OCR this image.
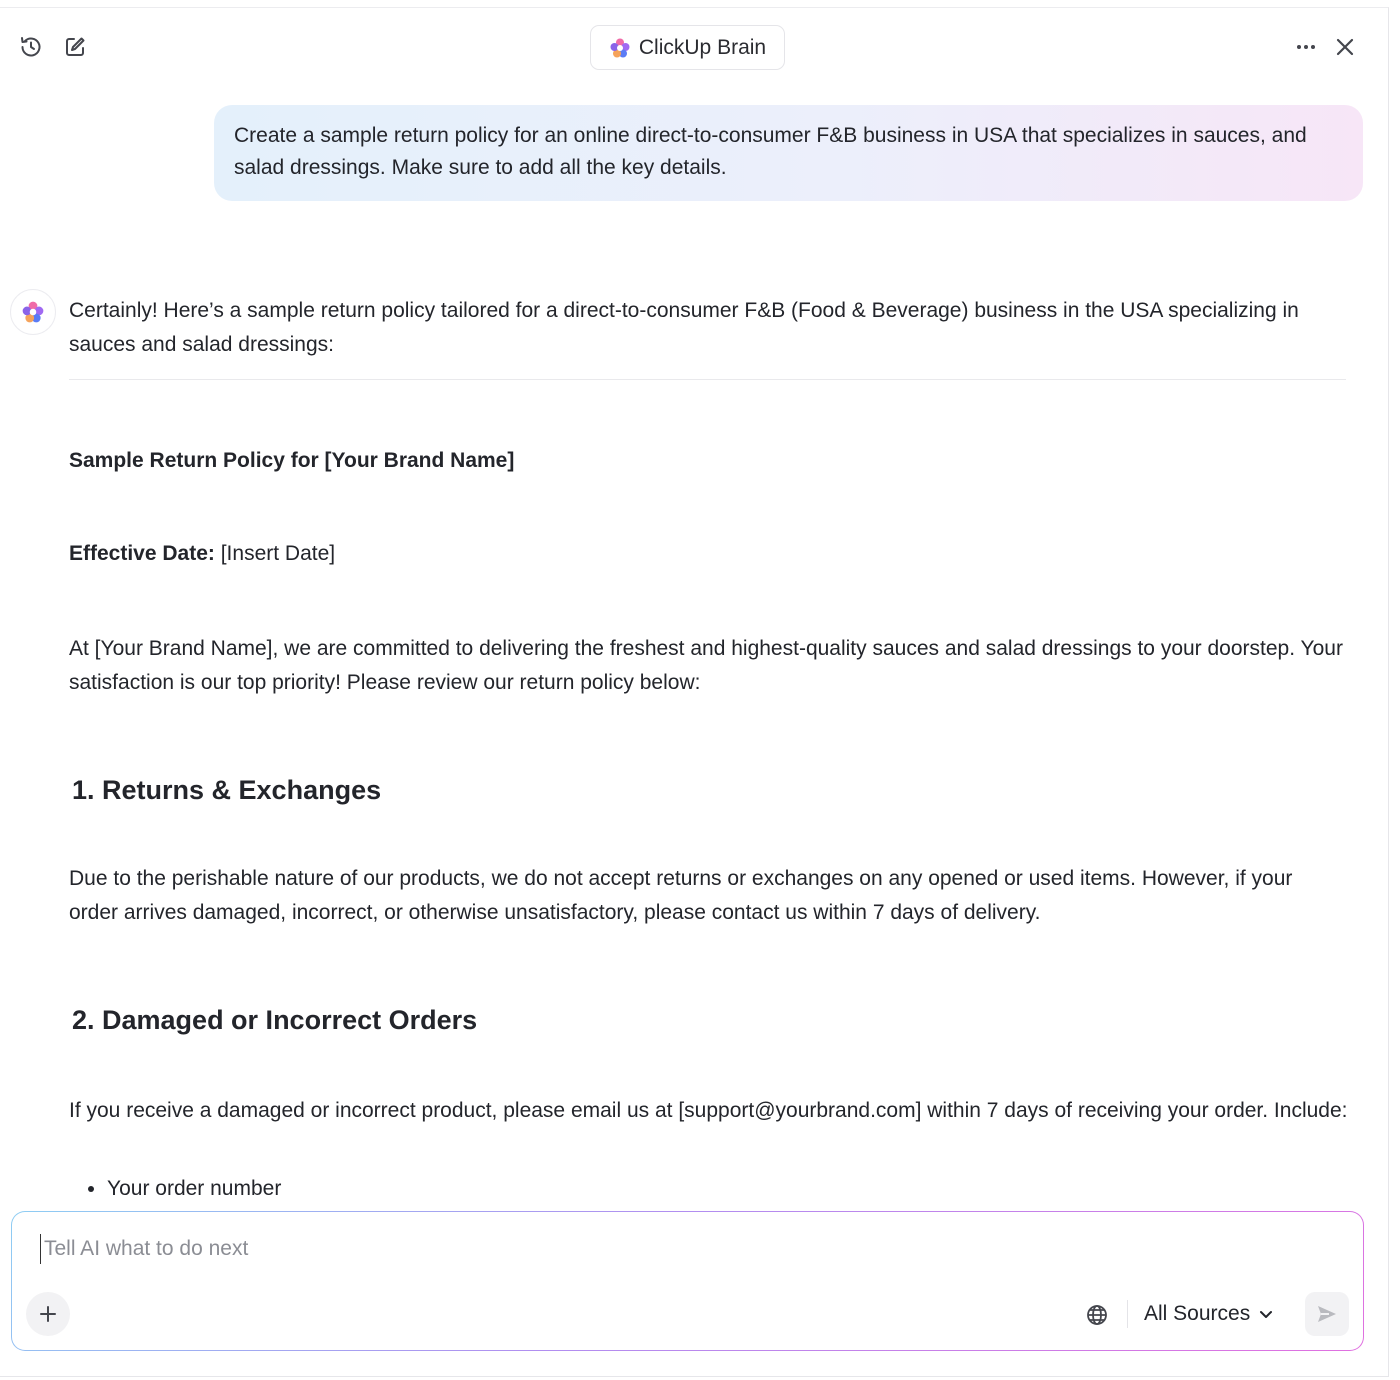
ClickUp Brain
Create a sample return policy for an online direct-to-consumer F&B business in USA that specializes in sauces, and salad dressings. Make sure to add all the key details.

Certainly! Here’s a sample return policy tailored for a direct-to-consumer F&B (Food & Beverage) business in the USA specializing in sauces and salad dressings:

Sample Return Policy for [Your Brand Name]

Effective Date: [Insert Date]

At [Your Brand Name], we are committed to delivering the freshest and highest-quality sauces and salad dressings to your doorstep. Your satisfaction is our top priority! Please review our return policy below:

1. Returns & Exchanges

Due to the perishable nature of our products, we do not accept returns or exchanges on any opened or used items. However, if your order arrives damaged, incorrect, or otherwise unsatisfactory, please contact us within 7 days of delivery.

2. Damaged or Incorrect Orders

If you receive a damaged or incorrect product, please email us at [support@yourbrand.com] within 7 days of receiving your order. Include:

• Your order number
Tell AI what to do next
All Sources
